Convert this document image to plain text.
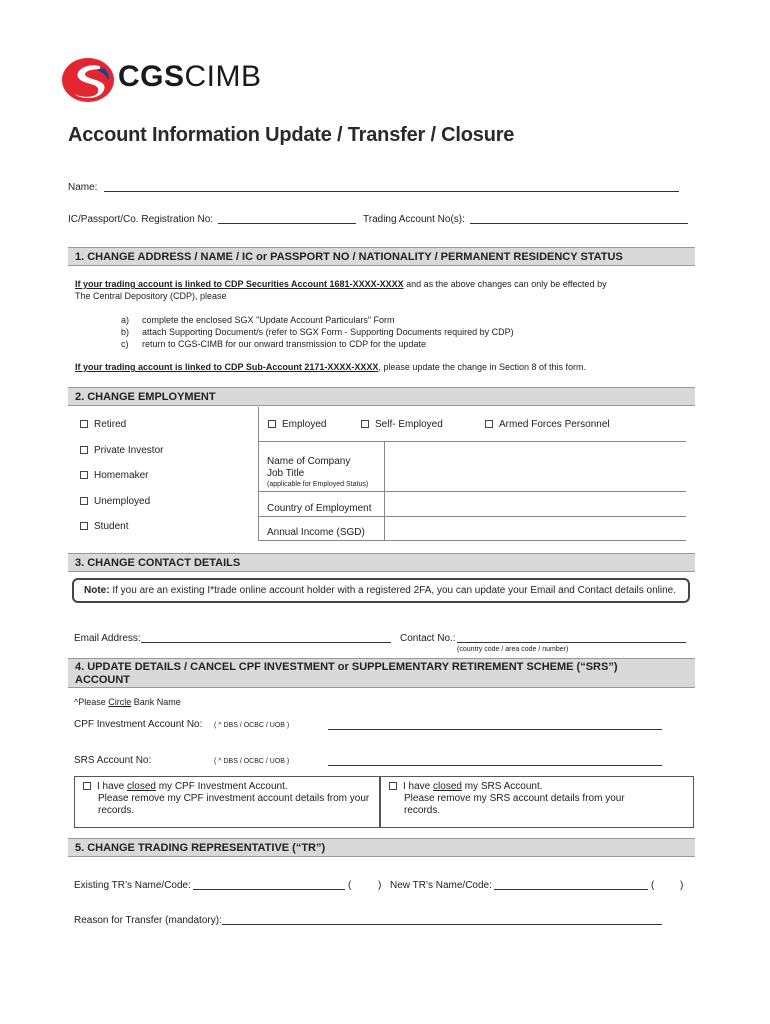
CGSCIMB
Account Information Update / Transfer / Closure
Name:
IC/Passport/Co. Registration No:	Trading Account No(s):
1. CHANGE ADDRESS / NAME / IC or PASSPORT NO / NATIONALITY / PERMANENT RESIDENCY STATUS
If your trading account is linked to CDP Securities Account 1681-XXXX-XXXX and as the above changes can only be effected by
The Central Depository (CDP), please
a) complete the enclosed SGX "Update Account Particulars" Form
b) attach Supporting Document/s (refer to SGX Form - Supporting Documents required by CDP)
c) return to CGS-CIMB for our onward transmission to CDP for the update
If your trading account is linked to CDP Sub-Account 2171-XXXX-XXXX, please update the change in Section 8 of this form.
2. CHANGE EMPLOYMENT
Retired
Private Investor
Homemaker
Unemployed
Student
Employed	Self- Employed	Armed Forces Personnel
Name of Company
Job Title
(applicable for Employed Status)
Country of Employment
Annual Income (SGD)
3. CHANGE CONTACT DETAILS
Note: If you are an existing I*trade online account holder with a registered 2FA, you can update your Email and Contact details online.
Email Address:	Contact No.:
(country code / area code / number)
4. UPDATE DETAILS / CANCEL CPF INVESTMENT or SUPPLEMENTARY RETIREMENT SCHEME (“SRS”)
ACCOUNT
^Please Circle Bank Name
CPF Investment Account No: ( ^ DBS / OCBC / UOB )
SRS Account No:	( ^ DBS / OCBC / UOB )
I have closed my CPF Investment Account.
Please remove my CPF investment account details from your
records.
I have closed my SRS Account.
Please remove my SRS account details from your
records.
5. CHANGE TRADING REPRESENTATIVE (“TR”)
Existing TR’s Name/Code:	(	) New TR’s Name/Code:	(	)
Reason for Transfer (mandatory):
